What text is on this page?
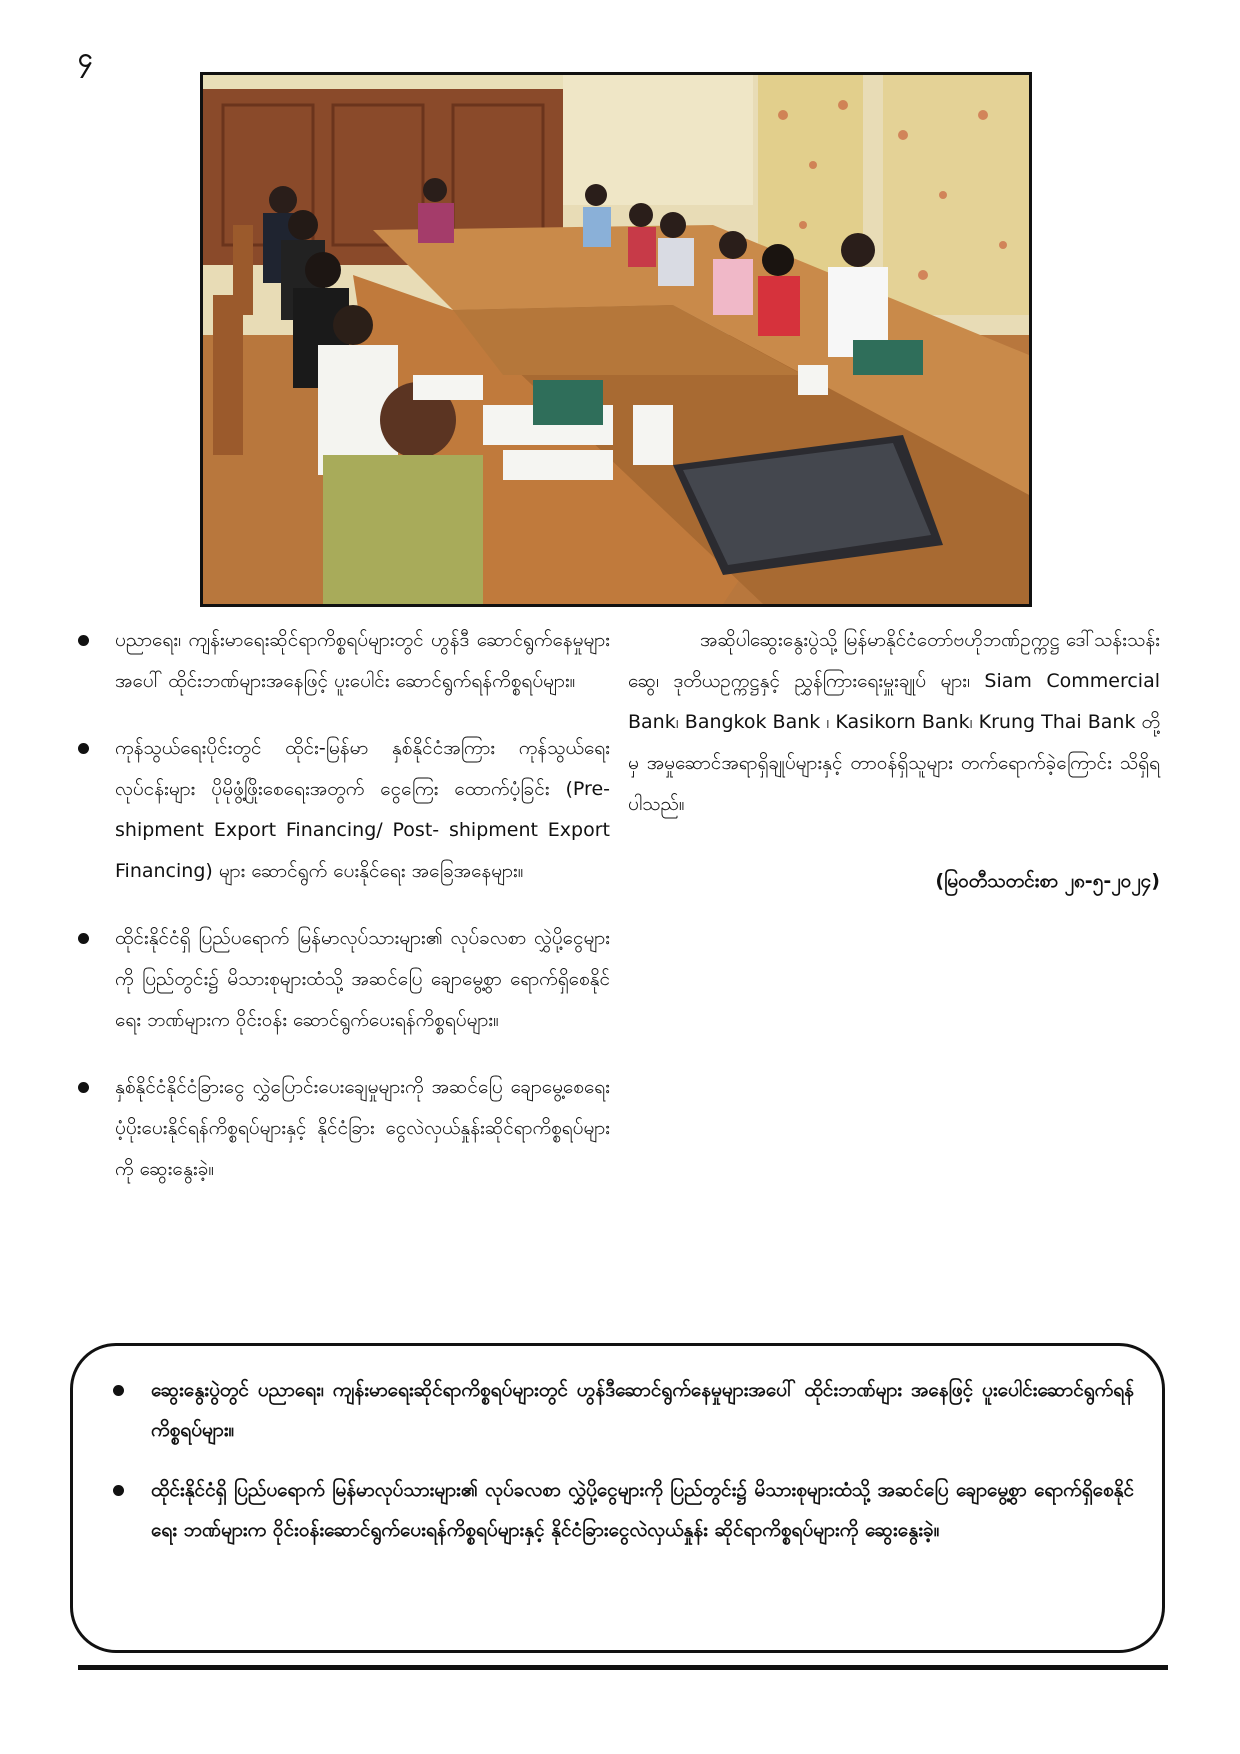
၄
ပညာရေး၊ ကျန်းမာရေးဆိုင်ရာကိစ္စရပ်များတွင် ဟွန်ဒီ ဆောင်ရွက်နေမှုများအပေါ် ထိုင်းဘဏ်များအနေဖြင့် ပူးပေါင်း ဆောင်ရွက်ရန်ကိစ္စရပ်များ။
ကုန်သွယ်ရေးပိုင်းတွင် ထိုင်း-မြန်မာ နှစ်နိုင်ငံအကြား ကုန်သွယ်ရေးလုပ်ငန်းများ ပိုမိုဖွံ့ဖြိုးစေရေးအတွက် ငွေကြေး ထောက်ပံ့ခြင်း (Pre-shipment Export Financing/ Post- shipment Export Financing) များ ဆောင်ရွက် ပေးနိုင်ရေး အခြေအနေများ။
ထိုင်းနိုင်ငံရှိ ပြည်ပရောက် မြန်မာလုပ်သားများ၏ လုပ်ခလစာ လွှဲပို့ငွေများကို ပြည်တွင်း၌ မိသားစုများထံသို့ အဆင်ပြေ ချောမွေ့စွာ ရောက်ရှိစေနိုင်ရေး ဘဏ်များက ဝိုင်းဝန်း ဆောင်ရွက်ပေးရန်ကိစ္စရပ်များ။
နှစ်နိုင်ငံနိုင်ငံခြားငွေ လွှဲပြောင်းပေးချေမှုများကို အဆင်ပြေ ချောမွေ့စေရေး ပံ့ပိုးပေးနိုင်ရန်ကိစ္စရပ်များနှင့် နိုင်ငံခြား ငွေလဲလှယ်နှုန်းဆိုင်ရာကိစ္စရပ်များကို ဆွေးနွေးခဲ့။

အဆိုပါဆွေးနွေးပွဲသို့ မြန်မာနိုင်ငံတော်ဗဟိုဘဏ်ဥက္ကဋ္ဌ ဒေါ်သန်းသန်းဆွေ၊ ဒုတိယဥက္ကဋ္ဌနှင့် ညွှန်ကြားရေးမှူးချုပ် များ၊ Siam Commercial Bank၊ Bangkok Bank ၊ Kasikorn Bank၊ Krung Thai Bank တို့မှ အမှုဆောင်အရာရှိချုပ်များနှင့် တာဝန်ရှိသူများ တက်ရောက်ခဲ့ကြောင်း သိရှိရပါသည်။

(မြဝတီသတင်းစာ ၂၈-၅-၂၀၂၄)

ဆွေးနွေးပွဲတွင် ပညာရေး၊ ကျန်းမာရေးဆိုင်ရာကိစ္စရပ်များတွင် ဟွန်ဒီဆောင်ရွက်နေမှုများအပေါ် ထိုင်းဘဏ်များ အနေဖြင့် ပူးပေါင်းဆောင်ရွက်ရန်ကိစ္စရပ်များ။
ထိုင်းနိုင်ငံရှိ ပြည်ပရောက် မြန်မာလုပ်သားများ၏ လုပ်ခလစာ လွှဲပို့ငွေများကို ပြည်တွင်း၌ မိသားစုများထံသို့ အဆင်ပြေ ချောမွေ့စွာ ရောက်ရှိစေနိုင်ရေး ဘဏ်များက ဝိုင်းဝန်းဆောင်ရွက်ပေးရန်ကိစ္စရပ်များနှင့် နိုင်ငံခြားငွေလဲလှယ်နှုန်း ဆိုင်ရာကိစ္စရပ်များကို ဆွေးနွေးခဲ့။
